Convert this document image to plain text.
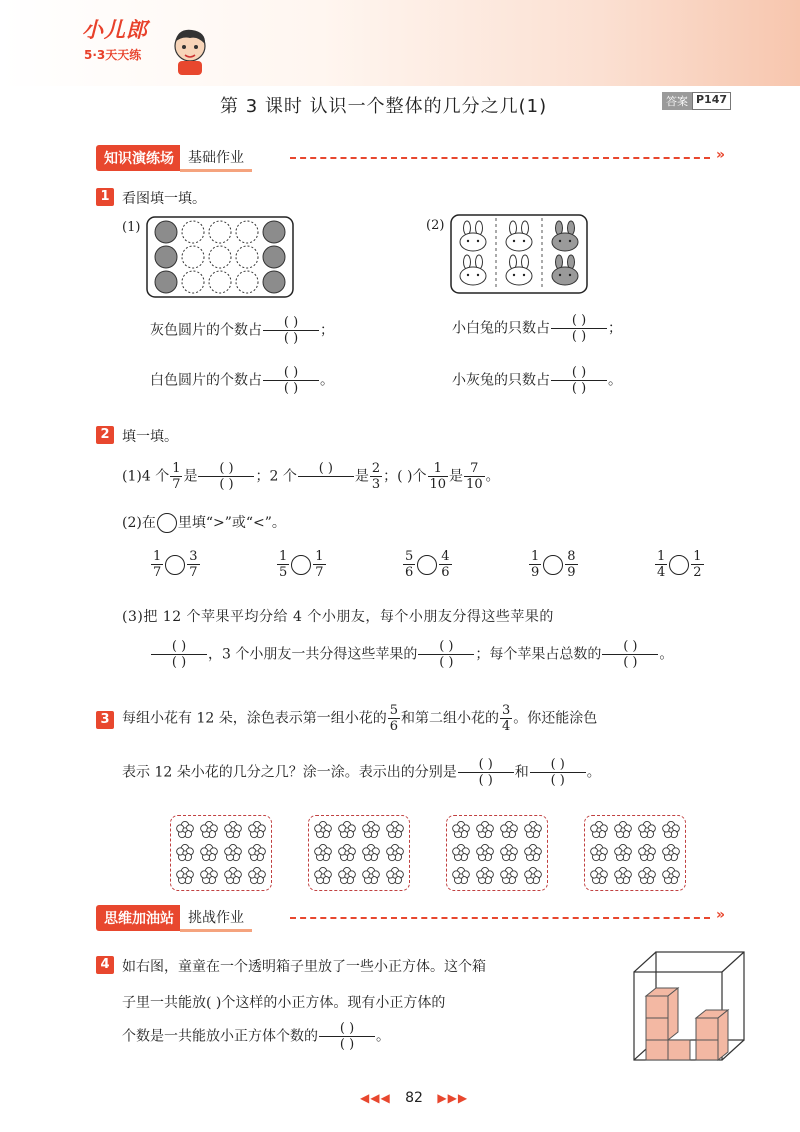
小儿郎
5·3天天练
第 3 课时 认识一个整体的几分之几(1)	答案 P147
知识演练场	基础作业	»
1 看图填一填。
(1)	(2)
灰色圆片的个数占 $\frac{( )}{( )}$ ；
白色圆片的个数占 $\frac{( )}{( )}$ 。
小白兔的只数占 $\frac{( )}{( )}$ ；
小灰兔的只数占 $\frac{( )}{( )}$ 。
2 填一填。
(1)4 个 $\frac{1}{7}$ 是 $\frac{( )}{( )}$ ；2 个 ( )
是 $\frac{2}{3}$ ；( )个 $\frac{1}{10}$ 是 $\frac{7}{10}$ 。
(2)在 里填“>”或“<”。
$\frac{1}{7} \frac{3}{7}$	$\frac{1}{5} \frac{1}{7}$	$\frac{5}{6} \frac{4}{6}$	$\frac{1}{9} \frac{8}{9}$	$\frac{1}{4} \frac{1}{2}$
(3)把 12 个苹果平均分给 4 个小朋友，每个小朋友分得这些苹果的
$\frac{( )}{( )}$ ，3 个小朋友一共分得这些苹果的 $\frac{( )}{( )}$ ；每个苹果占总数的 $\frac{( )}{( )}$ 。
3 每组小花有 12 朵，涂色表示第一组小花的 $\frac{5}{6}$ 和第二组小花的 $\frac{3}{4}$ 。你还能涂色
表示 12 朵小花的几分之几？涂一涂。表示出的分别是 $\frac{( )}{( )}$ 和 $\frac{( )}{( )}$ 。
思维加油站	挑战作业	»
4 如右图，童童在一个透明箱子里放了一些小正方体。这个箱
子里一共能放( )个这样的小正方体。现有小正方体的
个数是一共能放小正方体个数的 $\frac{( )}{( )}$ 。
◀◀◀ 82 ▶▶▶
